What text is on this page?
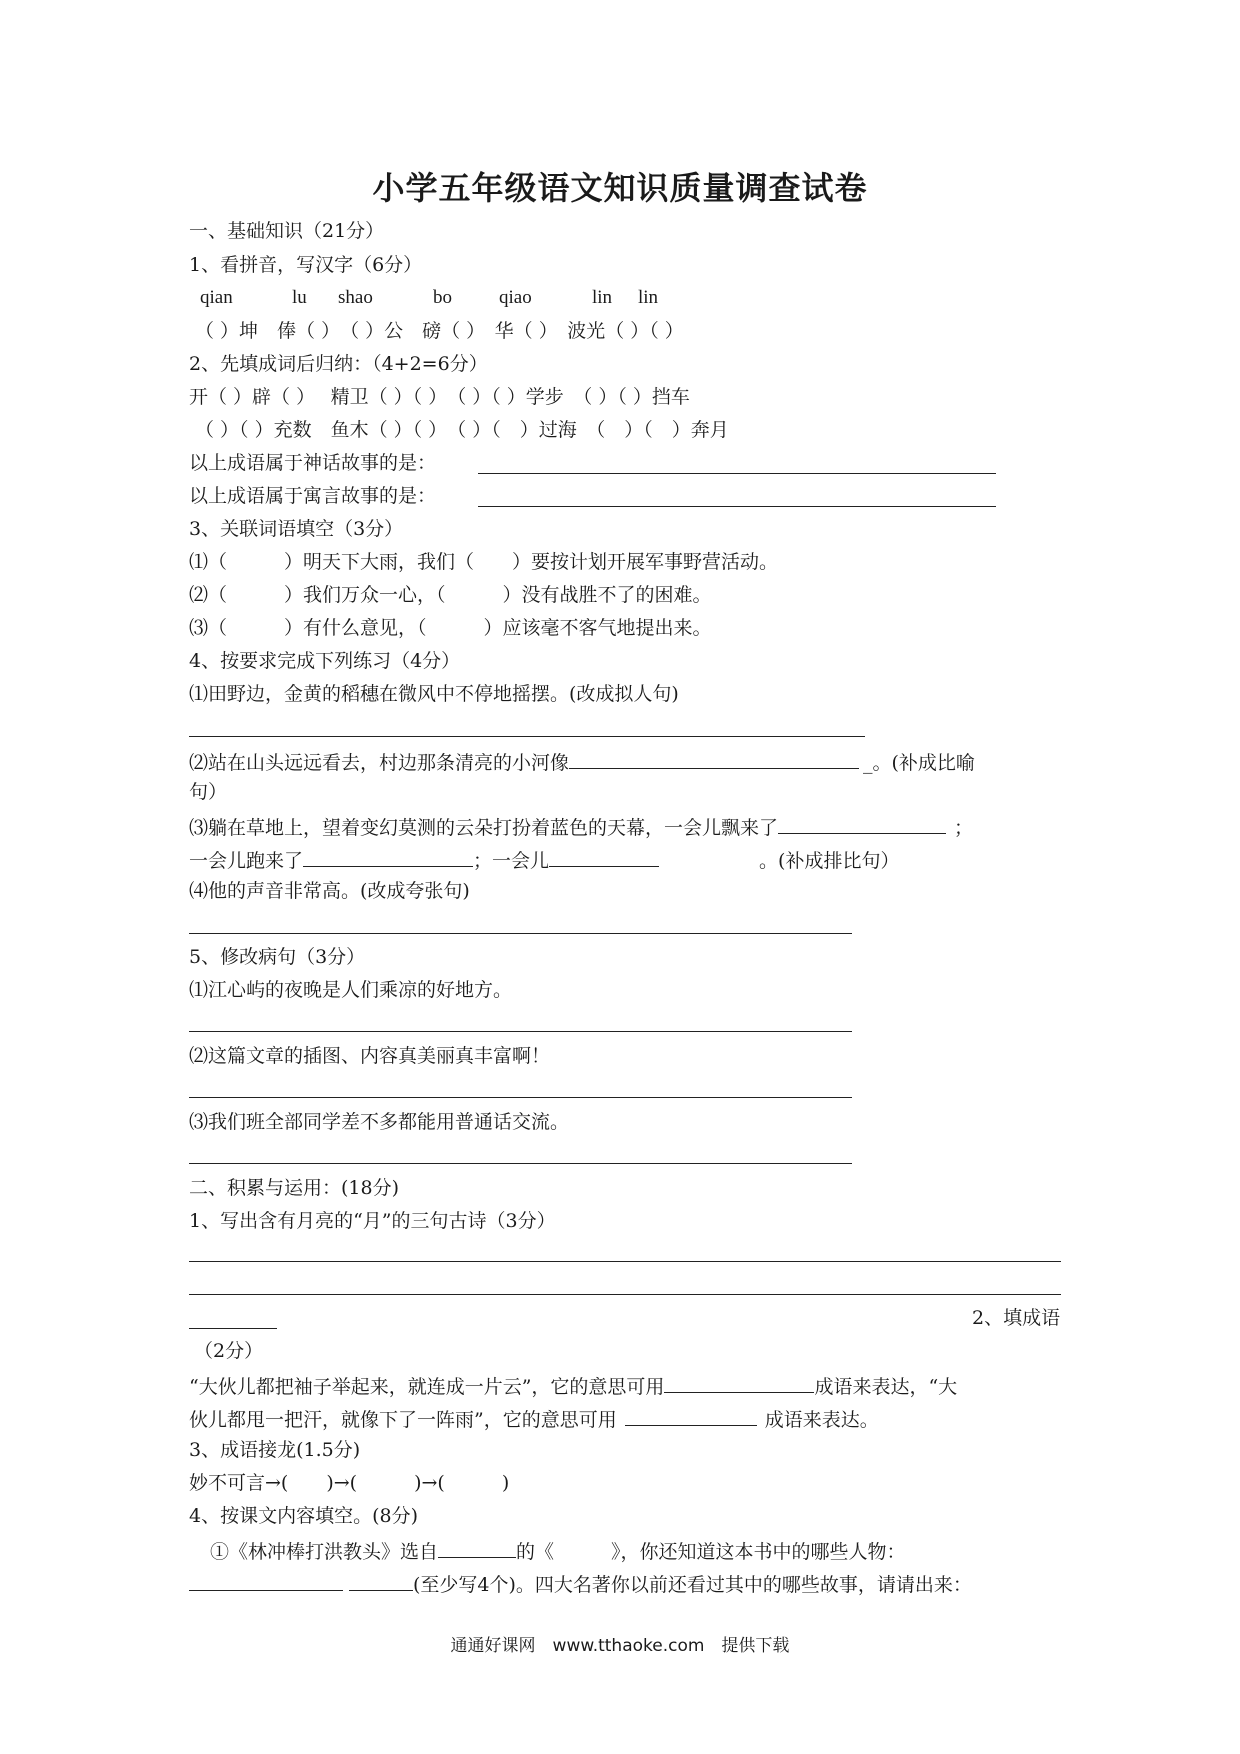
小学五年级语文知识质量调查试卷
一、基础知识（21分）
1、看拼音，写汉字（6分）
qian	lu shao	bo qiao	lin lin
（ ）坤　俸（ ）　（ ）公　磅（ ）　华（ ）　波光（ ）（ ）
2、先填成词后归纳：（4+2=6分）
开（ ）辟（ ）　 精卫（ ）（ ）　（ ）（ ）学步　（ ）（ ）挡车
（ ）（ ）充数　鱼木（ ）（ ）　（ ）（　）过海　（　）（　）奔月
以上成语属于神话故事的是：
以上成语属于寓言故事的是：
3、关联词语填空（3分）
⑴（　　　）明天下大雨，我们（　　）要按计划开展军事野营活动。
⑵（　　　）我们万众一心，（　　　）没有战胜不了的困难。
⑶（　　　）有什么意见，（　　　）应该毫不客气地提出来。
4、按要求完成下列练习（4分）
⑴田野边，金黄的稻穗在微风中不停地摇摆。(改成拟人句)
⑵站在山头远远看去，村边那条清亮的小河像	_。(补成比喻
句）
⑶躺在草地上，望着变幻莫测的云朵打扮着蓝色的天幕，一会儿飘来了	；
一会儿跑来了	；一会儿	。(补成排比句）
⑷他的声音非常高。(改成夸张句)
5、修改病句（3分）
⑴江心屿的夜晚是人们乘凉的好地方。
⑵这篇文章的插图、内容真美丽真丰富啊！
⑶我们班全部同学差不多都能用普通话交流。
二、积累与运用：(18分)
1、写出含有月亮的“月”的三句古诗（3分）
2、填成语
（2分）
“大伙儿都把袖子举起来，就连成一片云”，它的意思可用	成语来表达，“大
伙儿都甩一把汗，就像下了一阵雨”，它的意思可用	成语来表达。
3、成语接龙(1.5分)
妙不可言→(　　)→(　　　)→(　　　)
4、按课文内容填空。(8分)
①《林冲棒打洪教头》选自	的《　　　》，你还知道这本书中的哪些人物：
(至少写4个)。四大名著你以前还看过其中的哪些故事，请请出来：
通通好课网　www.tthaoke.com　提供下载
